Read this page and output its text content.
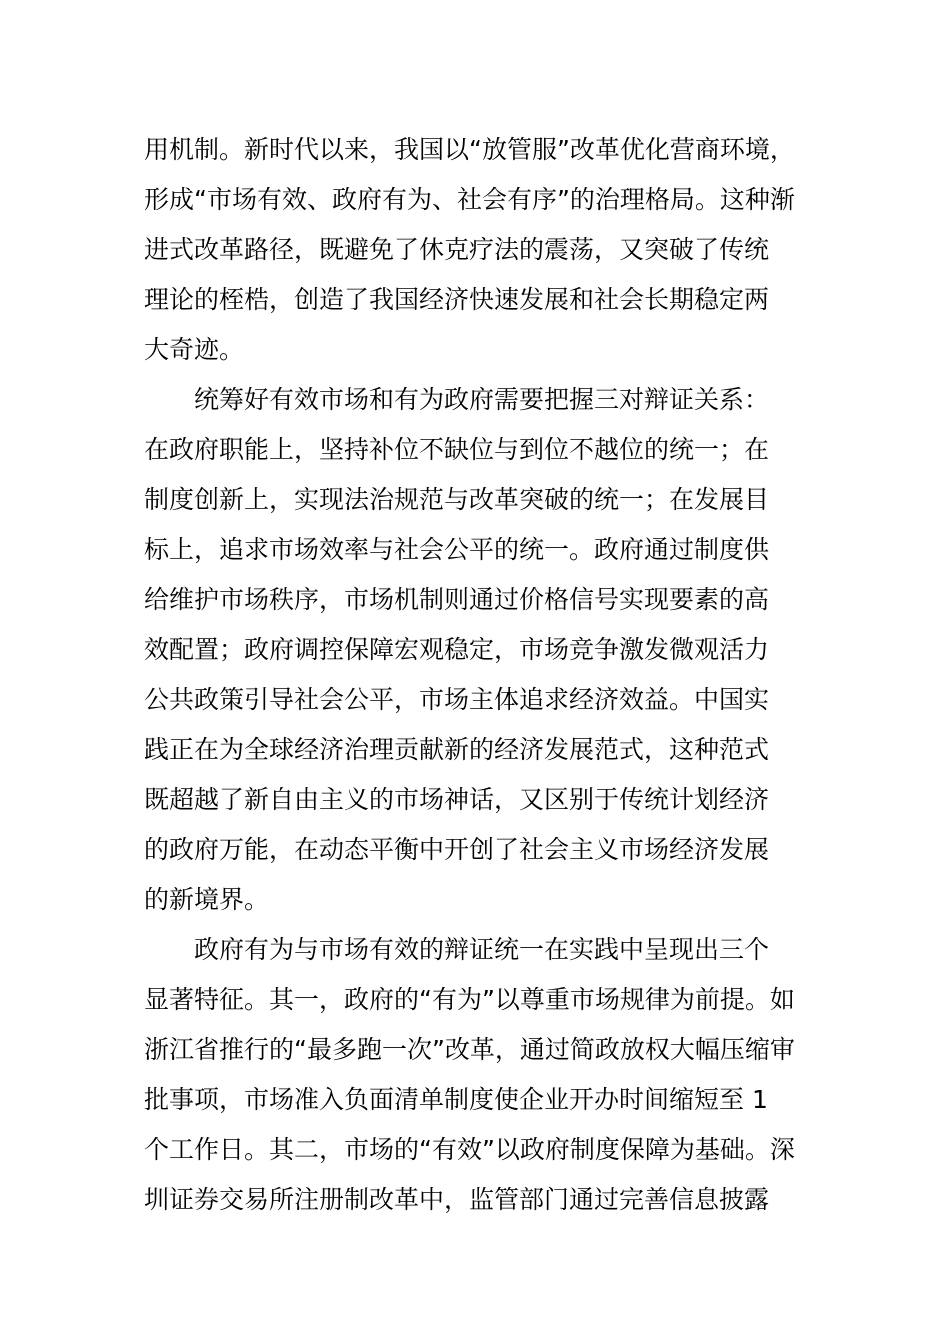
用机制。新时代以来，我国以“放管服”改革优化营商环境，
形成“市场有效、政府有为、社会有序”的治理格局。这种渐
进式改革路径，既避免了休克疗法的震荡，又突破了传统
理论的桎梏，创造了我国经济快速发展和社会长期稳定两
大奇迹。
统筹好有效市场和有为政府需要把握三对辩证关系：
在政府职能上，坚持补位不缺位与到位不越位的统一；在
制度创新上，实现法治规范与改革突破的统一；在发展目
标上，追求市场效率与社会公平的统一。政府通过制度供
给维护市场秩序，市场机制则通过价格信号实现要素的高
效配置；政府调控保障宏观稳定，市场竞争激发微观活力
公共政策引导社会公平，市场主体追求经济效益。中国实
践正在为全球经济治理贡献新的经济发展范式，这种范式
既超越了新自由主义的市场神话，又区别于传统计划经济
的政府万能，在动态平衡中开创了社会主义市场经济发展
的新境界。
政府有为与市场有效的辩证统一在实践中呈现出三个
显著特征。其一，政府的“有为”以尊重市场规律为前提。如
浙江省推行的“最多跑一次”改革，通过简政放权大幅压缩审
批事项，市场准入负面清单制度使企业开办时间缩短至 1
个工作日。其二，市场的“有效”以政府制度保障为基础。深
圳证券交易所注册制改革中，监管部门通过完善信息披露
